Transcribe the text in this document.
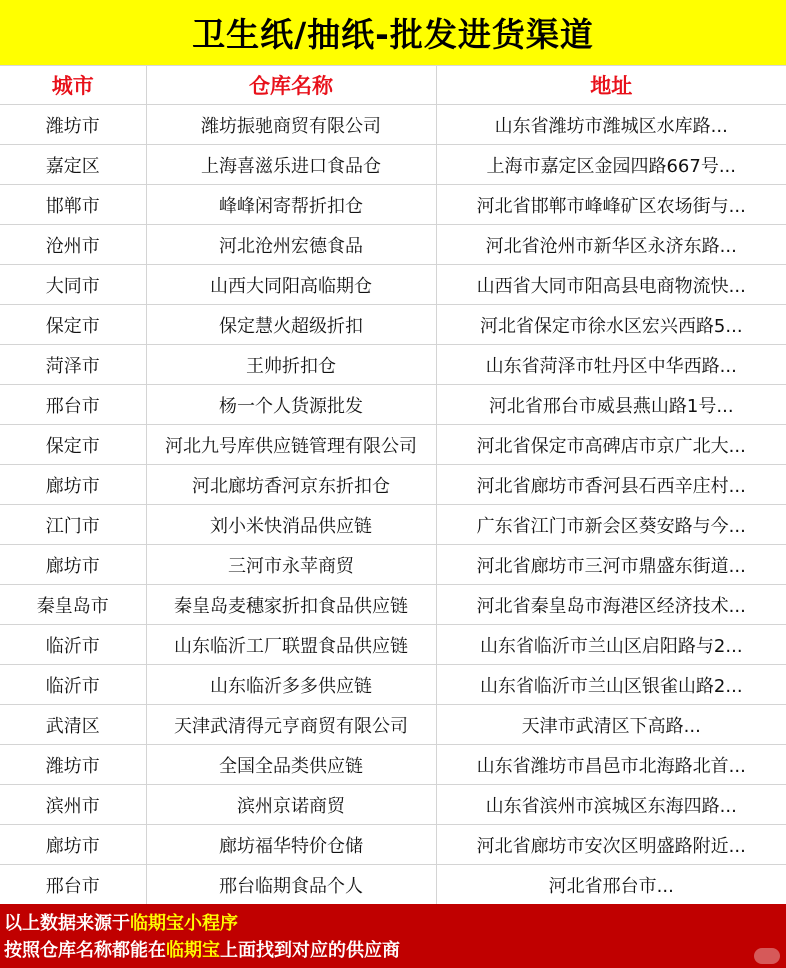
卫生纸/抽纸-批发进货渠道
城市	仓库名称	地址
潍坊市	潍坊振驰商贸有限公司	山东省潍坊市潍城区水库路...
嘉定区	上海喜滋乐进口食品仓	上海市嘉定区金园四路667号...
邯郸市	峰峰闲寄帮折扣仓	河北省邯郸市峰峰矿区农场街与...
沧州市	河北沧州宏德食品	河北省沧州市新华区永济东路...
大同市	山西大同阳高临期仓	山西省大同市阳高县电商物流快...
保定市	保定慧火超级折扣	河北省保定市徐水区宏兴西路5...
菏泽市	王帅折扣仓	山东省菏泽市牡丹区中华西路...
邢台市	杨一个人货源批发	河北省邢台市威县燕山路1号...
保定市	河北九号库供应链管理有限公司	河北省保定市高碑店市京广北大...
廊坊市	河北廊坊香河京东折扣仓	河北省廊坊市香河县石西辛庄村...
江门市	刘小米快消品供应链	广东省江门市新会区葵安路与今...
廊坊市	三河市永苹商贸	河北省廊坊市三河市鼎盛东街道...
秦皇岛市	秦皇岛麦穗家折扣食品供应链	河北省秦皇岛市海港区经济技术...
临沂市	山东临沂工厂联盟食品供应链	山东省临沂市兰山区启阳路与2...
临沂市	山东临沂多多供应链	山东省临沂市兰山区银雀山路2...
武清区	天津武清得元亨商贸有限公司	天津市武清区下高路...
潍坊市	全国全品类供应链	山东省潍坊市昌邑市北海路北首...
滨州市	滨州京诺商贸	山东省滨州市滨城区东海四路...
廊坊市	廊坊福华特价仓储	河北省廊坊市安次区明盛路附近...
邢台市	邢台临期食品个人	河北省邢台市...
以上数据来源于临期宝小程序
按照仓库名称都能在临期宝上面找到对应的供应商
